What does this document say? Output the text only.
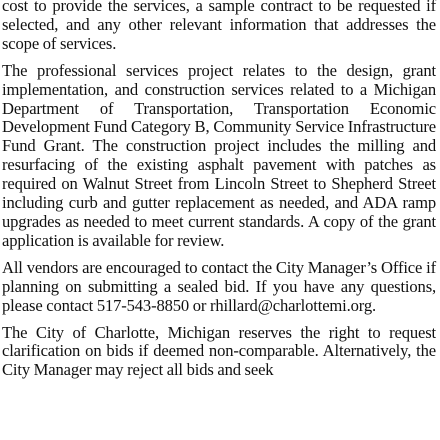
cost to provide the services, a sample contract to be requested if selected, and any other relevant information that addresses the scope of services.

The professional services project relates to the design, grant implementation, and construction services related to a Michigan Department of Transportation, Transportation Economic Development Fund Category B, Community Service Infrastructure Fund Grant. The construction project includes the milling and resurfacing of the existing asphalt pavement with patches as required on Walnut Street from Lincoln Street to Shepherd Street including curb and gutter replacement as needed, and ADA ramp upgrades as needed to meet current standards. A copy of the grant application is available for review.

All vendors are encouraged to contact the City Manager’s Office if planning on submitting a sealed bid. If you have any questions, please contact 517-543-8850 or rhillard@​charlottemi.org.

The City of Charlotte, Michigan reserves the right to request clarification on bids if deemed non-comparable. Alternatively, the City Manager may reject all bids and seek
